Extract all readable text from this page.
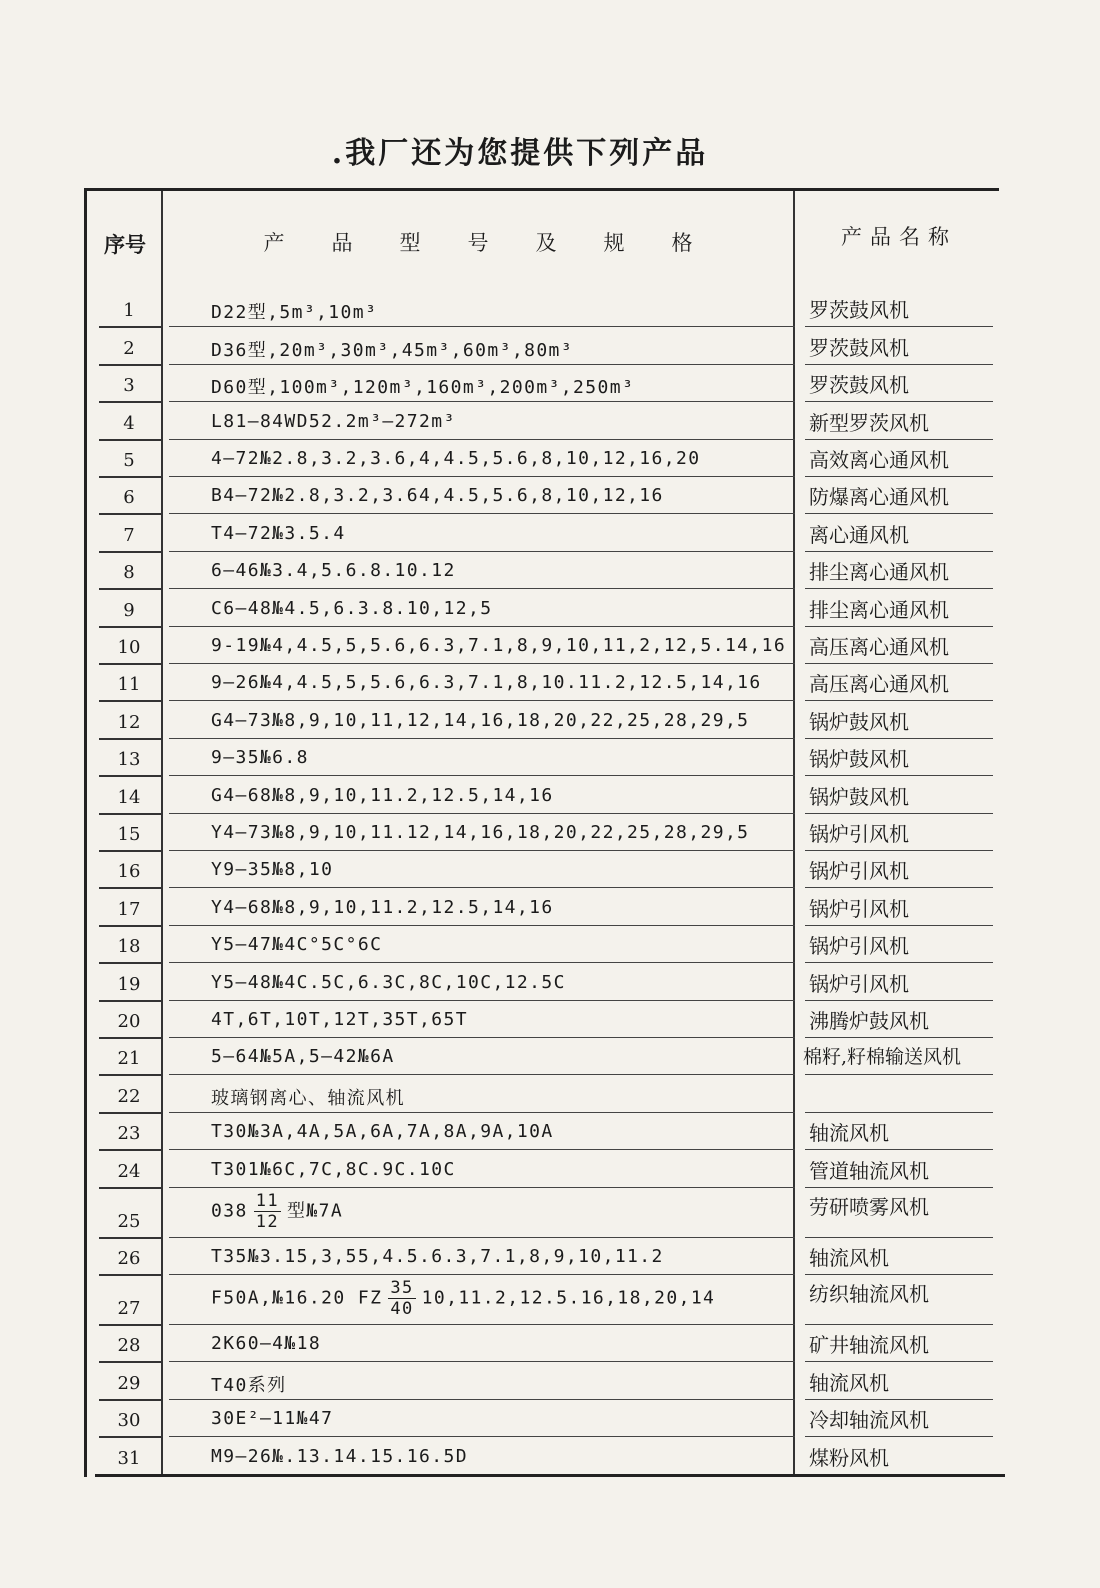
.我厂还为您提供下列产品
序号	产 品 型 号 及 规 格	产品名称
1	D22型,5m³,10m³	罗茨鼓风机
2	D36型,20m³,30m³,45m³,60m³,80m³	罗茨鼓风机
3	D60型,100m³,120m³,160m³,200m³,250m³	罗茨鼓风机
4	L81—84WD52.2m³—272m³	新型罗茨风机
5	4—72№2.8,3.2,3.6,4,4.5,5.6,8,10,12,16,20	高效离心通风机
6	B4—72№2.8,3.2,3.64,4.5,5.6,8,10,12,16	防爆离心通风机
7	T4—72№3.5.4	离心通风机
8	6—46№3.4,5.6.8.10.12	排尘离心通风机
9	C6—48№4.5,6.3.8.10,12,5	排尘离心通风机
10	9-19№4,4.5,5,5.6,6.3,7.1,8,9,10,11,2,12,5.14,16 高压离心通风机
11	9—26№4,4.5,5,5.6,6.3,7.1,8,10.11.2,12.5,14,16 高压离心通风机
12	G4—73№8,9,10,11,12,14,16,18,20,22,25,28,29,5	锅炉鼓风机
13	9—35№6.8	锅炉鼓风机
14	G4—68№8,9,10,11.2,12.5,14,16	锅炉鼓风机
15	Y4—73№8,9,10,11.12,14,16,18,20,22,25,28,29,5	锅炉引风机
16	Y9—35№8,10	锅炉引风机
17	Y4—68№8,9,10,11.2,12.5,14,16	锅炉引风机
18	Y5—47№4C°5C°6C	锅炉引风机
19	Y5—48№4C.5C,6.3C,8C,10C,12.5C	锅炉引风机
20	4T,6T,10T,12T,35T,65T	沸腾炉鼓风机
21	5—64№5A,5—42№6A	棉籽,籽棉输送风机
22	玻璃钢离心、轴流风机
23	T30№3A,4A,5A,6A,7A,8A,9A,10A	轴流风机
24	T301№6C,7C,8C.9C.10C	管道轴流风机
25	$038 \frac{11}{12}$ 型№7A	劳研喷雾风机
26	T35№3.15,3,55,4.5.6.3,7.1,8,9,10,11.2	轴流风机
27	F50A,№16.20 FZ $\frac{35}{40} 10,11.2,12.5.16,18,20,14$	纺织轴流风机
28	2K60—4№18	矿井轴流风机
29	T40系列	轴流风机
30	30E²—11№47	冷却轴流风机
31	M9—26№.13.14.15.16.5D	煤粉风机
